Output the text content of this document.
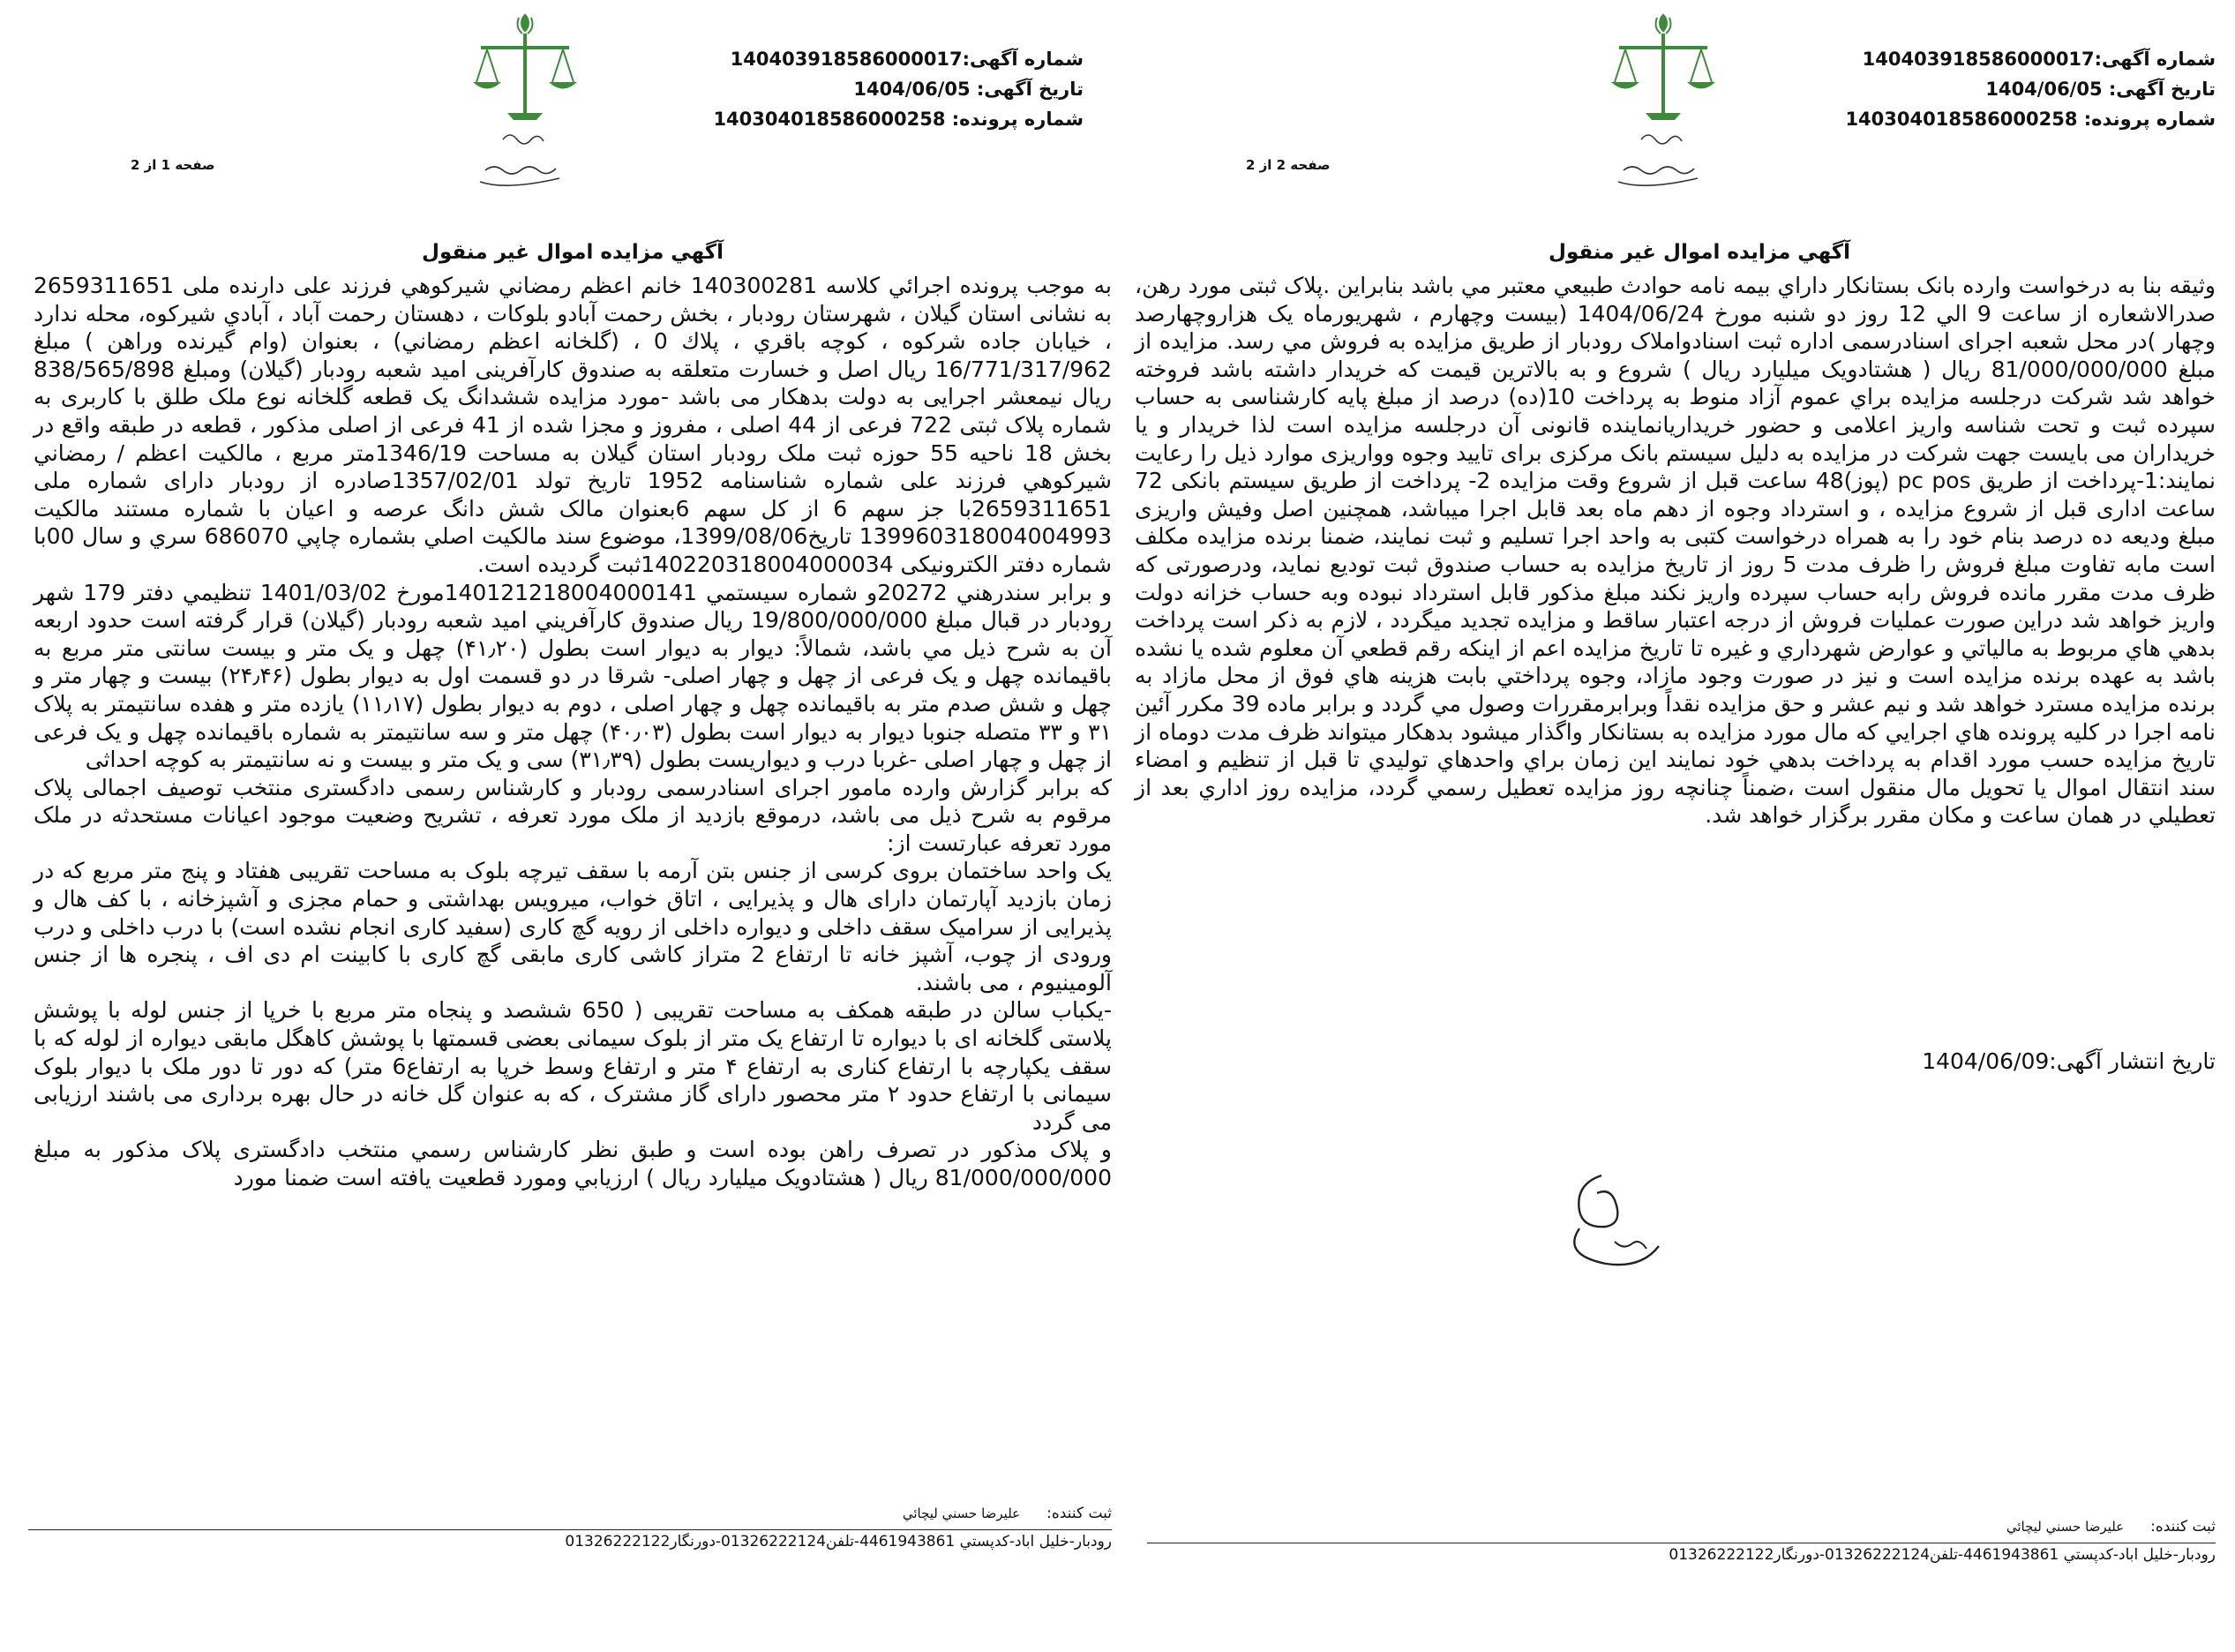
شماره آگهی:140403918586000017
تاریخ آگهی: 1404/06/05
شماره پرونده: 140304018586000258
صفحه 2 از 2
آگهي مزايده اموال غير منقول

وثیقه بنا به درخواست وارده بانک بستانکار داراي بيمه نامه حوادث طبيعي معتبر مي باشد بنابراين .پلاک ثبتی مورد رهن، صدرالاشعاره از ساعت 9 الي 12 روز دو شنبه مورخ 1404/06/24 (بیست وچهارم ، شهریورماه یک هزاروچهارصد وچهار )در محل شعبه اجرای اسنادرسمی اداره ثبت اسنادواملاک رودبار از طريق مزايده به فروش مي رسد. مزایده از مبلغ 81/000/000/000 ریال ( هشتادویک میلیارد ریال ) شروع و به بالاترين قيمت كه خريدار داشته باشد فروخته خواهد شد شركت درجلسه مزايده براي عموم آزاد منوط به پرداخت 10(ده) درصد از مبلغ پایه کارشناسی به حساب سپرده ثبت و تحت شناسه واریز اعلامی و حضور خریداریانماینده قانونی آن درجلسه مزایده است لذا خریدار و یا خریداران می بایست جهت شرکت در مزایده به دلیل سیستم بانک مرکزی برای تایید وجوه وواریزی موارد ذیل را رعایت نمایند:1-پرداخت از طریق pc pos (پوز)48 ساعت قبل از شروع وقت مزایده 2- پرداخت از طریق سیستم بانکی 72 ساعت اداری قبل از شروع مزایده ، و استرداد وجوه از دهم ماه بعد قابل اجرا میباشد، همچنین اصل وفیش واریزی مبلغ ودیعه ده درصد بنام خود را به همراه درخواست کتبی به واحد اجرا تسلیم و ثبت نمایند، ضمنا برنده مزایده مکلف است مابه تفاوت مبلغ فروش را ظرف مدت 5 روز از تاریخ مزایده به حساب صندوق ثبت تودیع نماید، ودرصورتی که ظرف مدت مقرر مانده فروش رابه حساب سپرده واریز نکند مبلغ مذکور قابل استرداد نبوده وبه حساب خزانه دولت واریز خواهد شد دراین صورت عملیات فروش از درجه اعتبار ساقط و مزايده تجديد ميگردد ، لازم به ذكر است پرداخت بدهي هاي مربوط به مالياتي و عوارض شهرداري و غيره تا تاريخ مزايده اعم از اينكه رقم قطعي آن معلوم شده يا نشده باشد به عهده برنده مزايده است و نيز در صورت وجود مازاد، وجوه پرداختي بابت هزينه هاي فوق از محل مازاد به برنده مزايده مسترد خواهد شد و نيم عشر و حق مزايده نقداً وبرابرمقررات وصول مي گردد و برابر ماده 39 مکرر آئين نامه اجرا در کليه پرونده هاي اجرايي که مال مورد مزايده به بستانکار واگذار ميشود بدهکار ميتواند ظرف مدت دوماه از تاريخ مزايده حسب مورد اقدام به پرداخت بدهي خود نمايند اين زمان براي واحدهاي توليدي تا قبل از تنظيم و امضاء سند انتقال اموال يا تحويل مال منقول است ،ضمناً چنانچه روز مزايده تعطيل رسمي گردد، مزايده روز اداري بعد از تعطيلي در همان ساعت و مكان مقرر برگزار خواهد شد.

تاریخ انتشار آگهی:1404/06/09
ثبت كننده:عليرضا حسني ليچائي
رودبار-خليل اباد-كدپستي 4461943861-تلفن01326222124-دورنگار01326222122
شماره آگهی:140403918586000017
تاریخ آگهی: 1404/06/05
شماره پرونده: 140304018586000258
صفحه 1 از 2
آگهي مزايده اموال غير منقول

به موجب پرونده اجرائي كلاسه 140300281 خانم اعظم رمضاني شيركوهي فرزند علی دارنده ملی 2659311651 به نشانی استان گیلان ، شهرستان رودبار ، بخش رحمت آبادو بلوكات ، دهستان رحمت آباد ، آبادي شيركوه، محله ندارد ، خيابان جاده شركوه ، كوچه باقري ، پلاك 0 ، (گلخانه اعظم رمضاني) ، بعنوان (وام گيرنده وراهن ) مبلغ 16/771/317/962 ریال اصل و خسارت متعلقه به صندوق کارآفرینی امید شعبه رودبار (گیلان) ومبلغ 838/565/898 ریال نیمعشر اجرایی به دولت بدهکار می باشد -مورد مزایده ششدانگ یک قطعه گلخانه نوع ملک طلق با کاربری به شماره پلاک ثبتی 722 فرعی از 44 اصلی ، مفروز و مجزا شده از 41 فرعی از اصلی مذکور ، قطعه در طبقه واقع در بخش 18 ناحیه 55 حوزه ثبت ملک رودبار استان گیلان به مساحت 1346/19متر مربع ، مالکیت اعظم / رمضاني شيركوهي فرزند علی شماره شناسنامه 1952 تاریخ تولد 1357/02/01صادره از رودبار دارای شماره ملی 2659311651با جز سهم 6 از کل سهم 6بعنوان مالک شش دانگ عرصه و اعیان با شماره مستند مالکیت 139960318004004993 تاریخ1399/08/06، موضوع سند مالکيت اصلي بشماره چاپي 686070 سري و سال 00با شماره دفتر الکترونیکی 140220318004000034ثبت گرديده است.

و برابر سندرهني 20272و شماره سيستمي 140121218004000141مورخ 1401/03/02 تنظيمي دفتر 179 شهر رودبار در قبال مبلغ 19/800/000/000 ریال صندوق کارآفريني اميد شعبه رودبار (گيلان) قرار گرفته است حدود اربعه آن به شرح ذيل مي باشد، شمالاً: ديوار به ديوار است بطول (۴۱٫۲۰) چهل و یک متر و بیست سانتی متر مربع به باقیمانده چهل و یک فرعی از چهل و چهار اصلی- شرقا در دو قسمت اول به دیوار بطول (۲۴٫۴۶) بیست و چهار متر و چهل و شش صدم متر به باقیمانده چهل و چهار اصلی ، دوم به دیوار بطول (۱۱٫۱۷) یازده متر و هفده سانتیمتر به پلاک ۳۱ و ۳۳ متصله جنوبا دیوار به دیوار است بطول (۴۰٫۰۳) چهل متر و سه سانتیمتر به شماره باقیمانده چهل و یک فرعی از چهل و چهار اصلی -غربا درب و دیواریست بطول (۳۱٫۳۹) سی و یک متر و بیست و نه سانتیمتر به کوچه احداثی

که برابر گزارش وارده مامور اجرای اسنادرسمی رودبار و کارشناس رسمی دادگستری منتخب توصیف اجمالی پلاک مرقوم به شرح ذیل می باشد، درموقع بازدید از ملک مورد تعرفه ، تشریح وضعیت موجود اعیانات مستحدثه در ملک مورد تعرفه عبارتست از:

یک واحد ساختمان بروی کرسی از جنس بتن آرمه با سقف تیرچه بلوک به مساحت تقریبی هفتاد و پنج متر مربع که در زمان بازدید آپارتمان دارای هال و پذیرایی ، اتاق خواب، میرویس بهداشتی و حمام مجزی و آشپزخانه ، با کف هال و پذیرایی از سرامیک سقف داخلی و دیواره داخلی از رویه گچ کاری (سفید کاری انجام نشده است) با درب داخلی و درب ورودی از چوب، آشپز خانه تا ارتفاع 2 متراز کاشی کاری مابقی گچ کاری با کابینت ام دی اف ، پنجره ها از جنس آلومینیوم ، می باشند.

-یکباب سالن در طبقه همکف به مساحت تقریبی ( 650 ششصد و پنجاه متر مربع با خرپا از جنس لوله با پوشش پلاستی گلخانه ای با دیواره تا ارتفاع یک متر از بلوک سیمانی بعضی قسمتها با پوشش کاهگل مابقی دیواره از لوله که با سقف یکپارچه با ارتفاع کناری به ارتفاع ۴ متر و ارتفاع وسط خرپا به ارتفاع6 متر) که دور تا دور ملک با دیوار بلوک سیمانی با ارتفاع حدود ۲ متر محصور دارای گاز مشترک ، که به عنوان گل خانه در حال بهره برداری می باشند ارزیابی می گردد

و پلاک مذکور در تصرف راهن بوده است و طبق نظر کارشناس رسمي منتخب دادگستری پلاک مذکور به مبلغ 81/000/000/000 ریال ( هشتادویک میلیارد ریال ) ارزيابي ومورد قطعیت یافته است ضمنا مورد

ثبت كننده:عليرضا حسني ليچائي
رودبار-خليل اباد-كدپستي 4461943861-تلفن01326222124-دورنگار01326222122
